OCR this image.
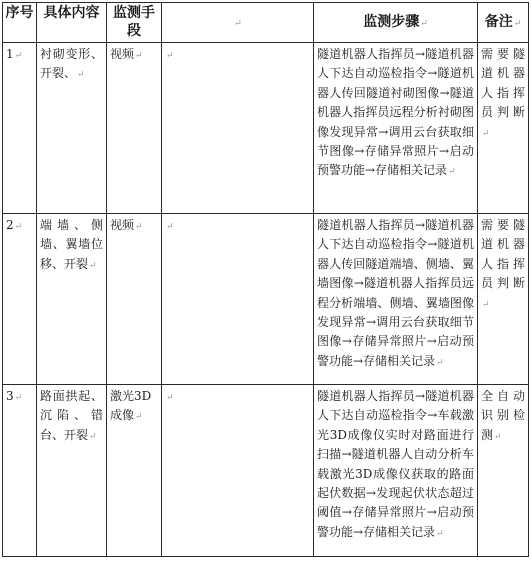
序号	具体内容	监测手段	↵	监测步骤↵	备注↵
1↵	衬砌变形、开裂、↵	视频↵	↵	隧道机器人指挥员→隧道机器人下达自动巡检指令→隧道机器人传回隧道衬砌图像→隧道机器人指挥员远程分析衬砌图像发现异常→调用云台获取细节图像→存储异常照片→启动预警功能→存储相关记录↵	需要隧道机器人指挥员判断↵
2↵	端墙、侧墙、翼墙位移、开裂↵	视频↵	↵	隧道机器人指挥员→隧道机器人下达自动巡检指令→隧道机器人传回隧道端墙、侧墙、翼墙图像→隧道机器人指挥员远程分析端墙、侧墙、翼墙图像发现异常→调用云台获取细节图像→存储异常照片→启动预警功能→存储相关记录↵	需要隧道机器人指挥员判断↵
3↵	路面拱起、沉陷、错台、开裂↵	激光3D成像↵	↵	隧道机器人指挥员→隧道机器人下达自动巡检指令→车载激光3D成像仪实时对路面进行扫描→隧道机器人自动分析车载激光3D成像仪获取的路面起伏数据→发现起伏状态超过阈值→存储异常照片→启动预警功能→存储相关记录↵	全自动识别检测↵
